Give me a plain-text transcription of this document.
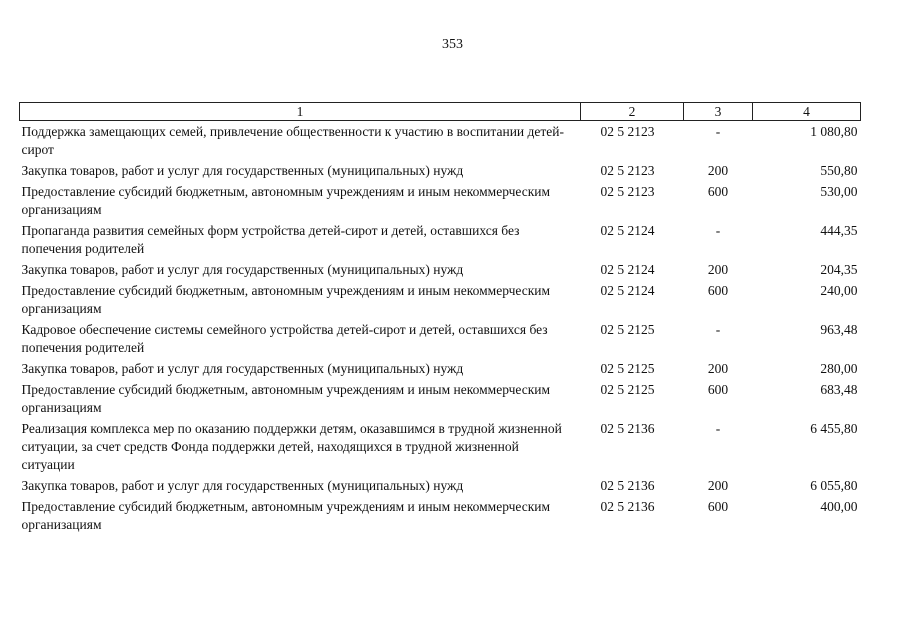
353
1	2	3	4
Поддержка замещающих семей, привлечение общественности к участию в воспитании детей-сирот	02 5 2123	-	1 080,80
Закупка товаров, работ и услуг для государственных (муниципальных) нужд	02 5 2123	200	550,80
Предоставление субсидий бюджетным, автономным учреждениям и иным некоммерческим организациям	02 5 2123	600	530,00
Пропаганда развития семейных форм устройства детей-сирот и детей, оставшихся без попечения родителей	02 5 2124	-	444,35
Закупка товаров, работ и услуг для государственных (муниципальных) нужд	02 5 2124	200	204,35
Предоставление субсидий бюджетным, автономным учреждениям и иным некоммерческим организациям	02 5 2124	600	240,00
Кадровое обеспечение системы семейного устройства детей-сирот и детей, оставшихся без попечения родителей	02 5 2125	-	963,48
Закупка товаров, работ и услуг для государственных (муниципальных) нужд	02 5 2125	200	280,00
Предоставление субсидий бюджетным, автономным учреждениям и иным некоммерческим организациям	02 5 2125	600	683,48
Реализация комплекса мер по оказанию поддержки детям, оказавшимся в трудной жизненной ситуации, за счет средств Фонда поддержки детей, находящихся в трудной жизненной ситуации	02 5 2136	-	6 455,80
Закупка товаров, работ и услуг для государственных (муниципальных) нужд	02 5 2136	200	6 055,80
Предоставление субсидий бюджетным, автономным учреждениям и иным некоммерческим организациям	02 5 2136	600	400,00
